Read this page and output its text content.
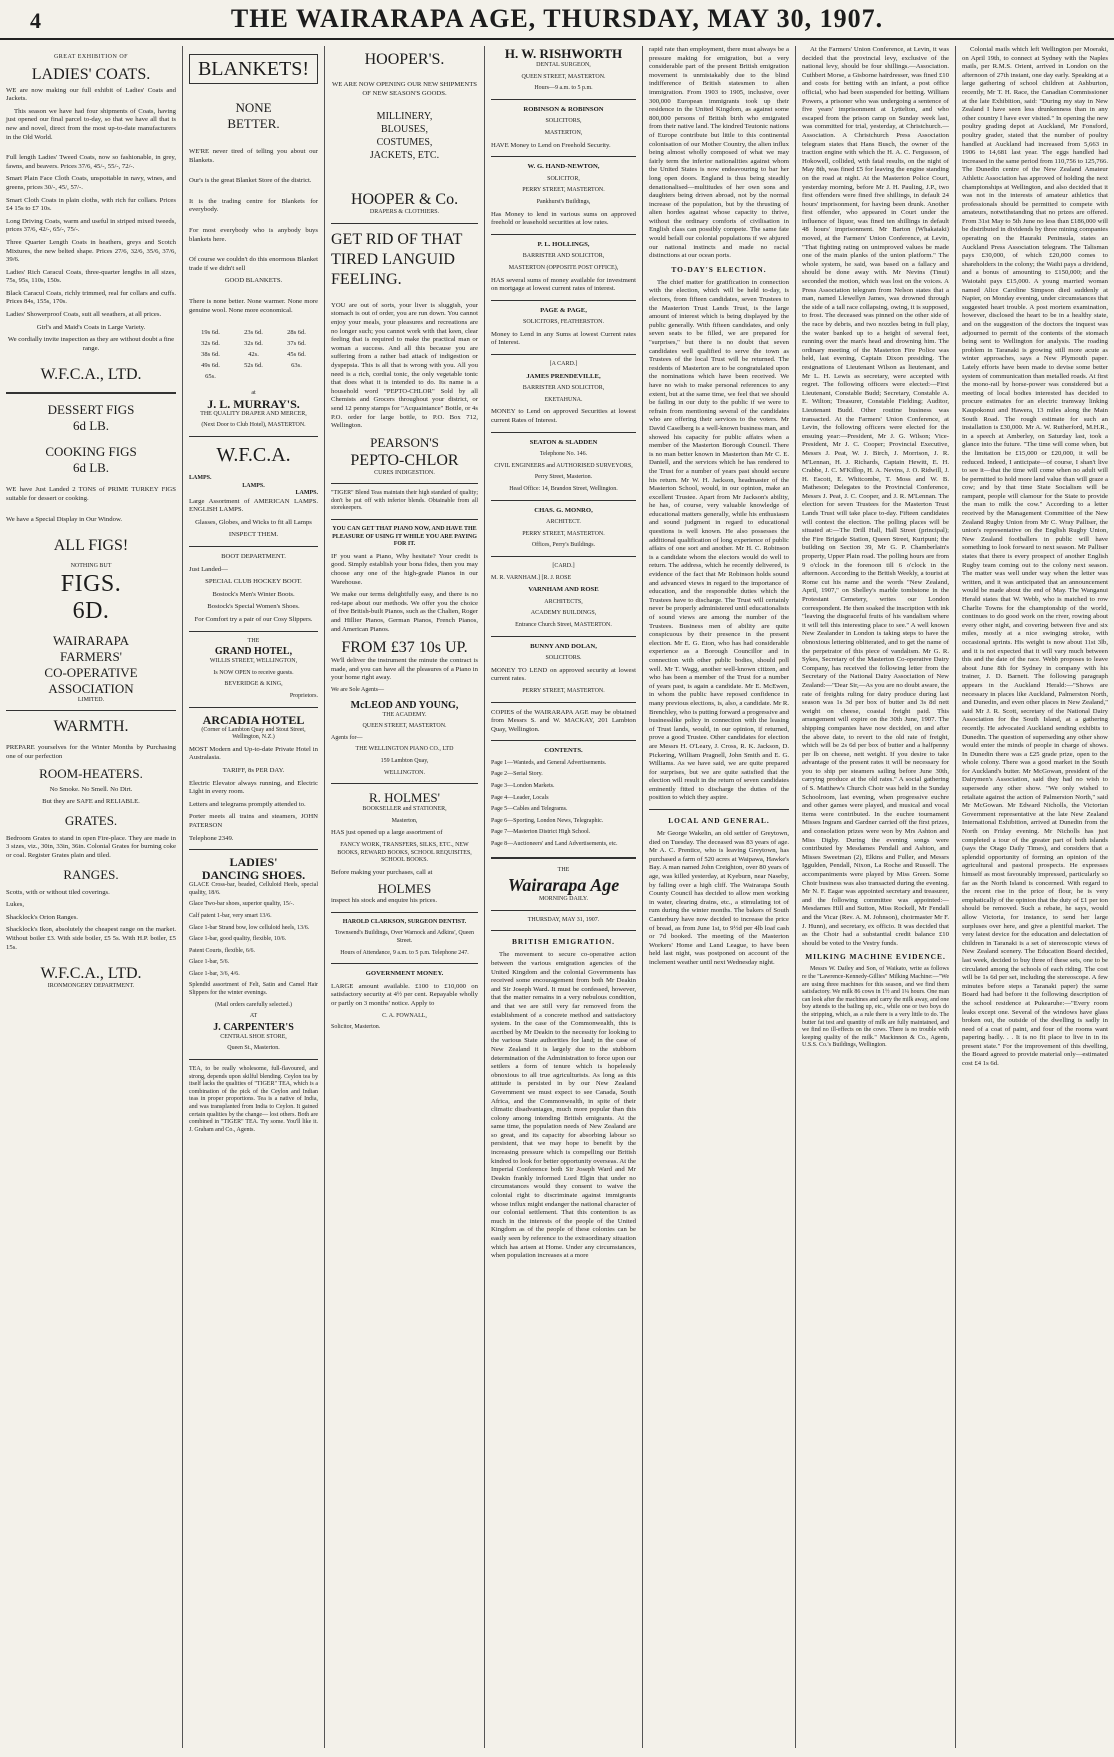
4	THE WAIRARAPA AGE, THURSDAY, MAY 30, 1907.
GREAT EXHIBITION OF
LADIES' COATS.

WE are now making our full exhibit of Ladies' Coats and Jackets.

This season we have had four shipments of Coats, having just opened our final parcel to-day, so that we have all that is new and novel, direct from the most up-to-date manufacturers in the Old World.

Full length Ladies' Tweed Coats, now so fashionable, in grey, fawns, and beavers. Prices 37/6, 45/-, 55/-, 72/-.

Smart Plain Face Cloth Coats, unspottable in navy, wines, and greens, prices 30/-, 45/, 57/-.

Smart Cloth Coats in plain cloths, with rich fur collars. Prices £4 15s to £7 10s.

Long Driving Coats, warm and useful in striped mixed tweeds, prices 37/6, 42/-, 65/-, 75/-.

Three Quarter Length Coats in heathers, greys and Scotch Mixtures, the new belted shape. Prices 27/6, 32/6, 35/6, 37/6, 39/6.

Ladies' Rich Caracul Coats, three-quarter lengths in all sizes, 75s, 95s, 110s, 150s.

Black Caracul Coats, richly trimmed, real fur collars and cuffs. Prices 84s, 155s, 170s.

Ladies' Showerproof Coats, suit all weathers, at all prices.

Girl's and Maid's Coats in Large Variety.

We cordially invite inspection as they are without doubt a fine range.

W.F.C.A., LTD.
DESSERT FIGS
6d LB.
COOKING FIGS
6d LB.

WE have Just Landed 2 TONS of PRIME TURKEY FIGS suitable for dessert or cooking.

We have a Special Display in Our Window.

ALL FIGS!
NOTHING BUT
FIGS.
6D.
WAIRARAPA
FARMERS'
CO-OPERATIVE
ASSOCIATION
LIMITED.
WARMTH.

PREPARE yourselves for the Winter Months by Purchasing one of our perfection

ROOM-HEATERS.

No Smoke. No Smell. No Dirt.

But they are SAFE and RELIABLE.

GRATES.

Bedroom Grates to stand in open Fire-place. They are made in 3 sizes, viz., 30in, 33in, 36in. Colonial Grates for burning coke or coal. Register Grates plain and tiled.

RANGES.

Scotts, with or without tiled coverings.

Lukes,

Shacklock's Orion Ranges.

Shacklock's Ikon, absolutely the cheapest range on the market. Without boiler £3. With side boiler, £5 5s. With H.P. boiler, £5 15s.

W.F.C.A., LTD.
IRONMONGERY DEPARTMENT.
BLANKETS!
NONE
BETTER.

WE'RE never tired of telling you about our Blankets.

Our's is the great Blanket Store of the district.

It is the trading centre for Blankets for everybody.

For most everybody who is anybody buys blankets here.

Of course we couldn't do this enormous Blanket trade if we didn't sell

GOOD BLANKETS.

There is none better. None warmer. None more genuine wool. None more economical.

19s 6d.	23s 6d.	28s 6d.
32s 6d.	32s 6d.	37s 6d.
38s 6d.	42s.	45s 6d.
49s 6d.	52s 6d.	63s.
65s.		
at
J. L. MURRAY'S.

THE QUALITY DRAPER AND MERCER,

(Next Door to Club Hotel), MASTERTON.

W.F.C.A.
LAMPS.
LAMPS.
LAMPS.

Large Assortment of AMERICAN LAMPS. ENGLISH LAMPS.

Glasses, Globes, and Wicks to fit all Lamps

INSPECT THEM.

BOOT DEPARTMENT.

Just Landed—

SPECIAL CLUB HOCKEY BOOT.

Bostock's Men's Winter Boots.

Bostock's Special Women's Shoes.

For Comfort try a pair of our Cosy Slippers.

THE
GRAND HOTEL,

WILLIS STREET, WELLINGTON,

Is NOW OPEN to receive guests.

BEVERIDGE & KING,

Proprietors.

ARCADIA HOTEL

(Corner of Lambton Quay and Stout Street, Wellington, N.Z.)

MOST Modern and Up-to-date Private Hotel in Australasia.

TARIFF, 8s PER DAY.

Electric Elevator always running, and Electric Light in every room.

Letters and telegrams promptly attended to.

Porter meets all trains and steamers, JOHN PATERSON

Telephone 2349.

LADIES'
DANCING SHOES.

GLACE Cross-bar, beaded, Celluloid Heels, special quality, 18/6.

Glace Two-bar shoes, superior quality, 15/-.

Calf patent 1-bar, very smart 13/6.

Glace 1-bar Strand bow, low celluloid heels, 13/6.

Glace 1-bar, good quality, flexible, 10/6.

Patent Courts, flexible, 6/6.

Glace 1-bar, 5/6.

Glace 1-bar, 3/6, 4/6.

Splendid assortment of Felt, Satin and Camel Hair Slippers for the winter evenings.

(Mail orders carefully selected.)

AT
J. CARPENTER'S

CENTRAL SHOE STORE,

Queen St., Masterton.

TEA, to be really wholesome, full-flavoured, and strong, depends upon skilful blending. Ceylon tea by itself lacks the qualities of "TIGER" TEA, which is a combination of the pick of the Ceylon and Indian teas in proper proportions. Tea is a native of India, and was transplanted from India to Ceylon. It gained certain qualities by the change— lost others. Both are combined in "TIGER" TEA. Try some. You'll like it. J. Graham and Co., Agents.

HOOPER'S.

WE ARE NOW OPENING OUR NEW SHIPMENTS OF NEW SEASON'S GOODS.

MILLINERY,
BLOUSES,
COSTUMES,
JACKETS, ETC.
HOOPER & Co.

DRAPERS & CLOTHIERS.

GET RID OF THAT TIRED LANGUID FEELING.

YOU are out of sorts, your liver is sluggish, your stomach is out of order, you are run down. You cannot enjoy your meals, your pleasures and recreations are no longer such; you cannot work with that keen, clear feeling that is required to make the practical man or woman a success. And all this because you are suffering from a rather bad attack of indigestion or dyspepsia. This is all that is wrong with you. All you need is a rich, cordial tonic, the only vegetable tonic that does what it is intended to do. Its name is a household word "PEPTO-CHLOR" Sold by all Chemists and Grocers throughout your district, or send 12 penny stamps for "Acquaintance" Bottle, or 4s P.O. order for large bottle, to P.O. Box 712, Wellington.

PEARSON'S
PEPTO-CHLOR

CURES INDIGESTION.

"TIGER" Blend Teas maintain their high standard of quality; don't be put off with inferior blends. Obtainable from all storekeepers.

YOU CAN GET THAT PIANO NOW, AND HAVE THE PLEASURE OF USING IT WHILE YOU ARE PAYING FOR IT.

IF you want a Piano, Why hesitate? Your credit is good. Simply establish your bona fides, then you may choose any one of the high-grade Pianos in our Warehouse.

We make our terms delightfully easy, and there is no red-tape about our methods. We offer you the choice of five British-built Pianos, such as the Chalien, Roger and Hillier Pianos, German Pianos, French Pianos, and American Pianos.

FROM £37 10s UP.

We'll deliver the instrument the minute the contract is made, and you can have all the pleasures of a Piano in your home right away.

We are Sole Agents—

McLEOD AND YOUNG,

THE ACADEMY.

QUEEN STREET, MASTERTON.

Agents for—

THE WELLINGTON PIANO CO., LTD

159 Lambton Quay,

WELLINGTON.

R. HOLMES'

BOOKSELLER and STATIONER,

Masterton,

HAS just opened up a large assortment of

FANCY WORK, TRANSFERS, SILKS, ETC., NEW BOOKS, REWARD BOOKS, SCHOOL REQUISITES, SCHOOL BOOKS.

Before making your purchases, call at

HOLMES

inspect his stock and enquire his prices.

HAROLD CLARKSON, SURGEON DENTIST.

Townsend's Buildings, Over Warnock and Adkins', Queen Street.

Hours of Attendance, 9 a.m. to 5 p.m. Telephone 247.

GOVERNMENT MONEY.

LARGE amount available. £100 to £10,000 on satisfactory security at 4½ per cent. Repayable wholly or partly on 3 months' notice. Apply to

C. A. FOWNALL,

Solicitor, Masterton.

H. W. RISHWORTH

DENTAL SURGEON,

QUEEN STREET, MASTERTON.

Hours—9 a.m. to 5 p.m.

ROBINSON & ROBINSON

SOLICITORS,

MASTERTON,

HAVE Money to Lend on Freehold Security.

W. G. HAND-NEWTON,

SOLICITOR,

PERRY STREET, MASTERTON.

Pankhurst's Buildings,

Has Money to lend in various sums on approved freehold or leasehold securities at low rates.

P. L. HOLLINGS,

BARRISTER AND SOLICITOR,

MASTERTON (OPPOSITE POST OFFICE),

HAS several sums of money available for investment on mortgage at lowest current rates of interest.

PAGE & PAGE,

SOLICITORS, FEATHERSTON.

Money to Lend in any Sums at lowest Current rates of Interest.

[A CARD.]

JAMES PRENDEVILLE,

BARRISTER AND SOLICITOR,

EKETAHUNA.

MONEY to Lend on approved Securities at lowest current Rates of Interest.

SEATON & SLADDEN

Telephone No. 146.

CIVIL ENGINEERS and AUTHORISED SURVEYORS,

Perry Street, Masterton.

Head Office: 14, Brandon Street, Wellington.

CHAS. G. MONRO,

ARCHITECT.

PERRY STREET, MASTERTON.

Offices, Perry's Buildings.

[CARD.]

M. R. VARNHAM.] [R. J. ROSE

VARNHAM AND ROSE

ARCHITECTS,

ACADEMY BUILDINGS,

Entrance Church Street, MASTERTON.

BUNNY AND DOLAN,

SOLICITORS.

MONEY TO LEND on approved security at lowest current rates.

PERRY STREET, MASTERTON.

COPIES of the WAIRARAPA AGE may be obtained from Messrs S. and W. MACKAY, 201 Lambton Quay, Wellington.

CONTENTS.

Page 1—Wanteds, and General Advertisements.

Page 2—Serial Story.

Page 3—London Markets.

Page 4—Leader, Locals

Page 5—Cables and Telegrams.

Page 6—Sporting, London News, Telegraphic.

Page 7—Masterton District High School.

Page 8—Auctioneers' and Land Advertisements, etc.

THE
Wairarapa Age
MORNING DAILY.
THURSDAY, MAY 31, 1907.
BRITISH EMIGRATION.

The movement to secure co-operative action between the various emigration agencies of the United Kingdom and the colonial Governments has received some encouragement from both Mr Deakin and Sir Joseph Ward. It must be confessed, however, that the matter remains in a very nebulous condition, and that we are still very far removed from the establishment of a concrete method and satisfactory system. In the case of the Commonwealth, this is ascribed by Mr Deakin to the necessity for looking to the various State authorities for land; in the case of New Zealand it is largely due to the stubborn determination of the Administration to force upon our settlers a form of tenure which is hopelessly obnoxious to all true agriculturists. As long as this attitude is persisted in by our New Zealand Government we must expect to see Canada, South Africa, and the Commonwealth, in spite of their climatic disadvantages, much more popular than this colony among intending British emigrants. At the same time, the population needs of New Zealand are so great, and its capacity for absorbing labour so persistent, that we may hope to benefit by the increasing pressure which is compelling our British kindred to look for better opportunity overseas. At the Imperial Conference both Sir Joseph Ward and Mr Deakin frankly informed Lord Elgin that under no circumstances would they consent to waive the colonial right to discriminate against immigrants whose influx might endanger the national character of our colonial settlement. That this contention is as much in the interests of the people of the United Kingdom as of the people of these colonies can be easily seen by reference to the extraordinary situation which has arisen at Home. Under any circumstances, when population increases at a more

rapid rate than employment, there must always be a pressure making for emigration, but a very considerable part of the present British emigration movement is unmistakably due to the blind indifference of British statesmen to alien immigration. From 1903 to 1905, inclusive, over 300,000 European immigrants took up their residence in the United Kingdom, as against some 800,000 persons of British birth who emigrated from their native land. The kindred Teutonic nations of Europe contribute but little to this continental colonisation of our Mother Country, the alien influx being almost wholly composed of what we may fairly term the inferior nationalities against whom the United States is now endeavouring to bar her long open doors. England is thus being steadily denationalised—multitudes of her own sons and daughters being driven abroad, not by the normal increase of the population, but by the thrusting of alien hordes against whose capacity to thrive, without the ordinary comforts of civilisation in English class can possibly compete. The same fate would befall our colonial populations if we abjured our national instincts and made no racial distinctions at our ocean ports.

TO-DAY'S ELECTION.

The chief matter for gratification in connection with the election, which will be held to-day, is electors, from fifteen candidates, seven Trustees to the Masterton Trust Lands Trust, is the large amount of interest which is being displayed by the public generally. With fifteen candidates, and only seven seats to be filled, we are prepared for "surprises," but there is no doubt that seven candidates well qualified to serve the town as Trustees of the local Trust will be returned. The residents of Masterton are to be congratulated upon the nominations which have been received. We have no wish to make personal references to any extent, but at the same time, we feel that we should be failing in our duty to the public if we were to refrain from mentioning several of the candidates who are offering their services to the voters. Mr David Caselberg is a well-known business man, and showed his capacity for public affairs when a member of the Masterton Borough Council. There is no man better known in Masterton than Mr C. E. Daniell, and the services which he has rendered to the Trust for a number of years past should secure his return. Mr W. H. Jackson, headmaster of the Masterton School, would, in our opinion, make an excellent Trustee. Apart from Mr Jackson's ability, he has, of course, very valuable knowledge of educational matters generally, while his enthusiasm and sound judgment in regard to educational questions is well known. He also possesses the additional qualification of long experience of public affairs of one sort and another. Mr H. C. Robinson is a candidate whom the electors would do well to return. The address, which he recently delivered, is evidence of the fact that Mr Robinson holds sound and advanced views in regard to the importance of education, and the responsible duties which the Trustees have to discharge. The Trust will certainly never be properly administered until educationalists of sound views are among the number of the Trustees. Business men of ability are quite conspicuous by their presence in the present election. Mr E. G. Eton, who has had considerable experience as a Borough Councillor and in connection with other public bodies, should poll well. Mr T. Wagg, another well-known citizen, and who has been a member of the Trust for a number of years past, is again a candidate. Mr E. McEwen, in whom the public have reposed confidence in many previous elections, is, also, a candidate. Mr R. Brenchley, who is putting forward a progressive and businesslike policy in connection with the leasing of Trust lands, would, in our opinion, if returned, prove a good Trustee. Other candidates for election are Messrs H. O'Leary, J. Cross, R. K. Jackson, D. Pickering, William Pragnell, John Smith and E. G. Williams. As we have said, we are quite prepared for surprises, but we are quite satisfied that the election will result in the return of seven candidates eminently fitted to discharge the duties of the position to which they aspire.

LOCAL AND GENERAL.

Mr George Wakelin, an old settler of Greytown, died on Tuesday. The deceased was 83 years of age. Mr A. C. Prentice, who is leaving Greytown, has purchased a farm of 520 acres at Waipawa, Hawke's Bay. A man named John Creighton, over 80 years of age, was killed yesterday, at Kyeburn, near Naseby, by falling over a high cliff. The Wairarapa South County Council has decided to allow men working in water, clearing drains, etc., a stimulating tot of rum during the winter months. The bakers of South Canterbury have now decided to increase the price of bread, as from June 1st, to 9½d per 4lb loaf cash or 7d booked. The meeting of the Masterton Workers' Home and Land League, to have been held last night, was postponed on account of the inclement weather until next Wednesday night.

At the Farmers' Union Conference, at Levin, it was decided that the provincial levy, exclusive of the national levy, should be four shillings.—Association. Cuthbert Morse, a Gisborne hairdresser, was fined £10 and costs for betting with an infant, a post office official, who had been suspended for betting. William Powers, a prisoner who was undergoing a sentence of five years' imprisonment at Lyttelton, and who escaped from the prison camp on Sunday week last, was committed for trial, yesterday, at Christchurch.—Association. A Christchurch Press Association telegram states that Hans Busch, the owner of the traction engine with which the H. A. C. Fergusson, of Hokowell, collided, with fatal results, on the night of May 8th, was fined £5 for leaving the engine standing on the road at night. At the Masterton Police Court, yesterday morning, before Mr J. H. Pauling, J.P., two first offenders were fined five shillings, in default 24 hours' imprisonment, for having been drunk. Another first offender, who appeared in Court under the influence of liquor, was fined ten shillings in default 48 hours' imprisonment. Mr Barton (Whakataki) moved, at the Farmers' Union Conference, at Levin, "That fighting rating on unimproved values be made one of the main planks of the union platform." The whole system, he said, was based on a fallacy and should be done away with. Mr Nevins (Tinui) seconded the motion, which was lost on the voices. A Press Association telegram from Nelson states that a man, named Llewellyn James, was drowned through the side of a tall race collapsing, owing, it is supposed, to frost. The deceased was pinned on the other side of the race by debris, and two nozzles being in full play, the water banked up to a height of several feet, running over the man's head and drowning him. The ordinary meeting of the Masterton Fire Police was held, last evening, Captain Dixon presiding. The resignations of Lieutenant Wilson as lieutenant, and Mr L. H. Lewis as secretary, were accepted with regret. The following officers were elected:—First Lieutenant, Constable Budd; Secretary, Constable A. E. Wilton; Treasurer, Constable Fielding; Auditor, Lieutenant Budd. Other routine business was transacted. At the Farmers' Union Conference, at Levin, the following officers were elected for the ensuing year:—President, Mr J. G. Wilson; Vice-President, Mr J. C. Cooper; Provincial Executive, Messrs J. Peat, W. J. Birch, J. Morrison, J. R. M'Lennan, H. J. Richards, Captain Hewitt, E. H. Crabbe, J. C. M'Killop, H. A. Nevins, J. O. Ridwill, J. H. Escott, E. Whitcombe, T. Moss and W. B. Matheson; Delegates to the Provincial Conference, Messrs J. Peat, J. C. Cooper, and J. R. M'Lennan. The election for seven Trustees for the Masterton Trust Lands Trust will take place to-day. Fifteen candidates will contest the election. The polling places will be situated at:—The Drill Hall, Hall Street (principal); the Fire Brigade Station, Queen Street, Kuripuni; the building on Section 39, Mr G. P. Chamberlain's property, Upper Plain road. The polling hours are from 9 o'clock in the forenoon till 6 o'clock in the afternoon. According to the British Weekly, a tourist at Rome cut his name and the words "New Zealand, April, 1907," on Shelley's marble tombstone in the Protestant Cemetery, writes our London correspondent. He then soaked the inscription with ink "leaving the disgraceful fruits of his vandalism where it will tell this interesting place to see." A well known New Zealander in London is taking steps to have the obnoxious lettering obliterated, and to get the name of the perpetrator of this piece of vandalism. Mr G. R. Sykes, Secretary of the Masterton Co-operative Dairy Company, has received the following letter from the Secretary of the National Dairy Association of New Zealand:—"Dear Sir,—As you are no doubt aware, the rate of freights ruling for dairy produce during last season was 1s 3d per box of butter and 3s 8d nett weight on cheese, coastal freight paid. This arrangement will expire on the 30th June, 1907. The shipping companies have now decided, on and after the above date, to revert to the old rate of freight, which will be 2s 6d per box of butter and a halfpenny per lb on cheese, nett weight. If you desire to take advantage of the present rates it will be necessary for you to ship per steamers sailing before June 30th, carrying produce at the old rates." A social gathering of S. Matthew's Church Choir was held in the Sunday Schoolroom, last evening, when progressive euchre and other games were played, and musical and vocal items were contributed. In the euchre tournament Misses Ingram and Gardner carried off the first prizes, and consolation prizes were won by Mrs Ashton and Miss Digby. During the evening songs were contributed by Mesdames Pendall and Ashton, and Misses Sweetman (2), Elkins and Fuller, and Messrs Iggulden, Pendall, Nixon, La Roche and Russell. The accompaniments were played by Miss Green. Some Choir business was also transacted during the evening. Mr N. F. Eagar was appointed secretary and treasurer, and the following committee was appointed:—Mesdames Hill and Sutton, Miss Rockell, Mr Fendall and the Vicar (Rev. A. M. Johnson), choirmaster Mr F. J. Hunn), and secretary, ex officio. It was decided that as the Choir had a substantial credit balance £10 should be voted to the Vestry funds.

MILKING MACHINE EVIDENCE.

Messrs W. Dailey and Son, of Waikato, write as follows re the "Lawrence-Kennedy-Gillies" Milking Machine:—"We are using three machines for this season, and we find them satisfactory. We milk 86 cows in 1½ and 1¼ hours. One man can look after the machines and carry the milk away, and one boy attends to the bailing up, etc., while one or two boys do the stripping, which, as a rule there is a very little to do. The butter fat test and quantity of milk are fully maintained, and we find no ill-effects on the cows. There is no trouble with keeping quality of the milk." Mackinnon & Co., Agents, U.S.S. Co.'s Buildings, Wellington.

Colonial mails which left Wellington per Moeraki, on April 19th, to connect at Sydney with the Naples mails, per R.M.S. Orient, arrived in London on the afternoon of 27th instant, one day early. Speaking at a large gathering of school children at Ashburton, recently, Mr T. H. Race, the Canadian Commissioner at the late Exhibition, said: "During my stay in New Zealand I have seen less drunkenness than in any other country I have ever visited." In opening the new poultry grading depot at Auckland, Mr Fonsford, poultry grader, stated that the number of poultry handled at Auckland had increased from 5,663 in 1906 to 14,681 last year. The eggs handled had increased in the same period from 110,756 to 125,766. The Dunedin centre of the New Zealand Amateur Athletic Association has approved of holding the next championships at Wellington, and also decided that it was not in the interests of amateur athletics that professionals should be permitted to compete with amateurs, notwithstanding that no prizes are offered. From 31st May to 5th June no less than £186,000 will be distributed in dividends by three mining companies operating on the Hauraki Peninsula, states an Auckland Press Association telegram. The Talisman pays £30,000, of which £20,000 comes to shareholders in the colony; the Waihi pays a dividend, and a bonus of amounting to £150,000; and the Waiotahi pays £15,000. A young married woman named Alice Caroline Simpson died suddenly at Napier, on Monday evening, under circumstances that suggested heart trouble. A post mortem examination, however, disclosed the heart to be in a healthy state, and on the suggestion of the doctors the inquest was adjourned to permit of the contents of the stomach being sent to Wellington for analysis. The roading problem in Taranaki is growing still more acute as winter approaches, says a New Plymouth paper. Lately efforts have been made to devise some better system of communication than metalled roads. At first the mono-rail by horse-power was considered but a meeting of local bodies interested has decided to procure estimates for an electric tramway linking Kaupokonui and Hawera, 13 miles along the Main South Road. The rough estimate for such an installation is £30,000. Mr A. W. Rutherford, M.H.R., in a speech at Amberley, on Saturday last, took a glance into the future. "The time will come when, but the limitation be £15,000 or £20,000, it will be reduced. Indeed, I anticipate—of course, I shan't live to see it—that the time will come when no adult will be permitted to hold more land value than will graze a cow; and by that time State Socialism will be rampant, people will clamour for the State to provide the man to milk the cow." According to a letter received by the Management Committee of the New Zealand Rugby Union from Mr C. Wray Palliser, the union's representative on the English Rugby Union, New Zealand footballers in public will have something to look forward to next season. Mr Palliser states that there is every prospect of another English Rugby team coming out to the colony next season. The matter was well under way when the letter was written, and it was anticipated that an announcement would be made about the end of May. The Wanganui Herald states that W. Webb, who is matched to row Charlie Towns for the championship of the world, continues to do good work on the river, rowing about every other night, and covering between five and six miles, mostly at a nice swinging stroke, with occasional sprints. His weight is now about 11st 3lb, and it is not expected that it will vary much between this and the date of the race. Webb proposes to leave about June 8th for Sydney in company with his trainer, J. D. Barnett. The following paragraph appears in the Auckland Herald:—"Shows are necessary in places like Auckland, Palmerston North, and Dunedin, and even other places in New Zealand," said Mr J. R. Scott, secretary of the National Dairy Association for the South Island, at a gathering recently. He advocated Auckland sending exhibits to Dunedin. The question of superseding any other show would enter the minds of people in charge of shows. In Dunedin there was a £25 grade prize, open to the whole colony. There was a good market in the South for Auckland's butter. Mr McGowan, president of the Dairymen's Association, said they had no wish to supersede any other show. "We only wished to retaliate against the action of Palmerston North," said Mr McGowan. Mr Edward Nicholls, the Victorian Government representative at the late New Zealand International Exhibition, arrived at Dunedin from the North on Friday evening. Mr Nicholls has just completed a tour of the greater part of both islands (says the Otago Daily Times), and considers that a splendid opportunity of forming an opinion of the agricultural and pastoral prospects. He expresses himself as most favourably impressed, particularly so far as the North Island is concerned. With regard to the recent rise in the price of flour, he is very emphatically of the opinion that the duty of £1 per ton should be removed. Such a rebate, he says, would allow Victoria, for instance, to send her large surpluses over here, and give a plentiful market. The very latest device for the education and delectation of children in Taranaki is a set of stereoscopic views of New Zealand scenery. The Education Board decided, last week, decided to buy three of these sets, one to be circulated among the schools of each riding. The cost will be 1s 6d per set, including the stereoscope. A few minutes before steps a Taranaki paper) the same Board had had before it the following description of the school residence at Pukearuhe:—"Every room leaks except one. Several of the windows have glass broken out, the outside of the dwelling is sadly in need of a coat of paint, and four of the rooms want papering badly. . . It is no fit place to live in in its present state." For the improvement of this dwelling, the Board agreed to provide material only—estimated cost £4 1s 6d.
